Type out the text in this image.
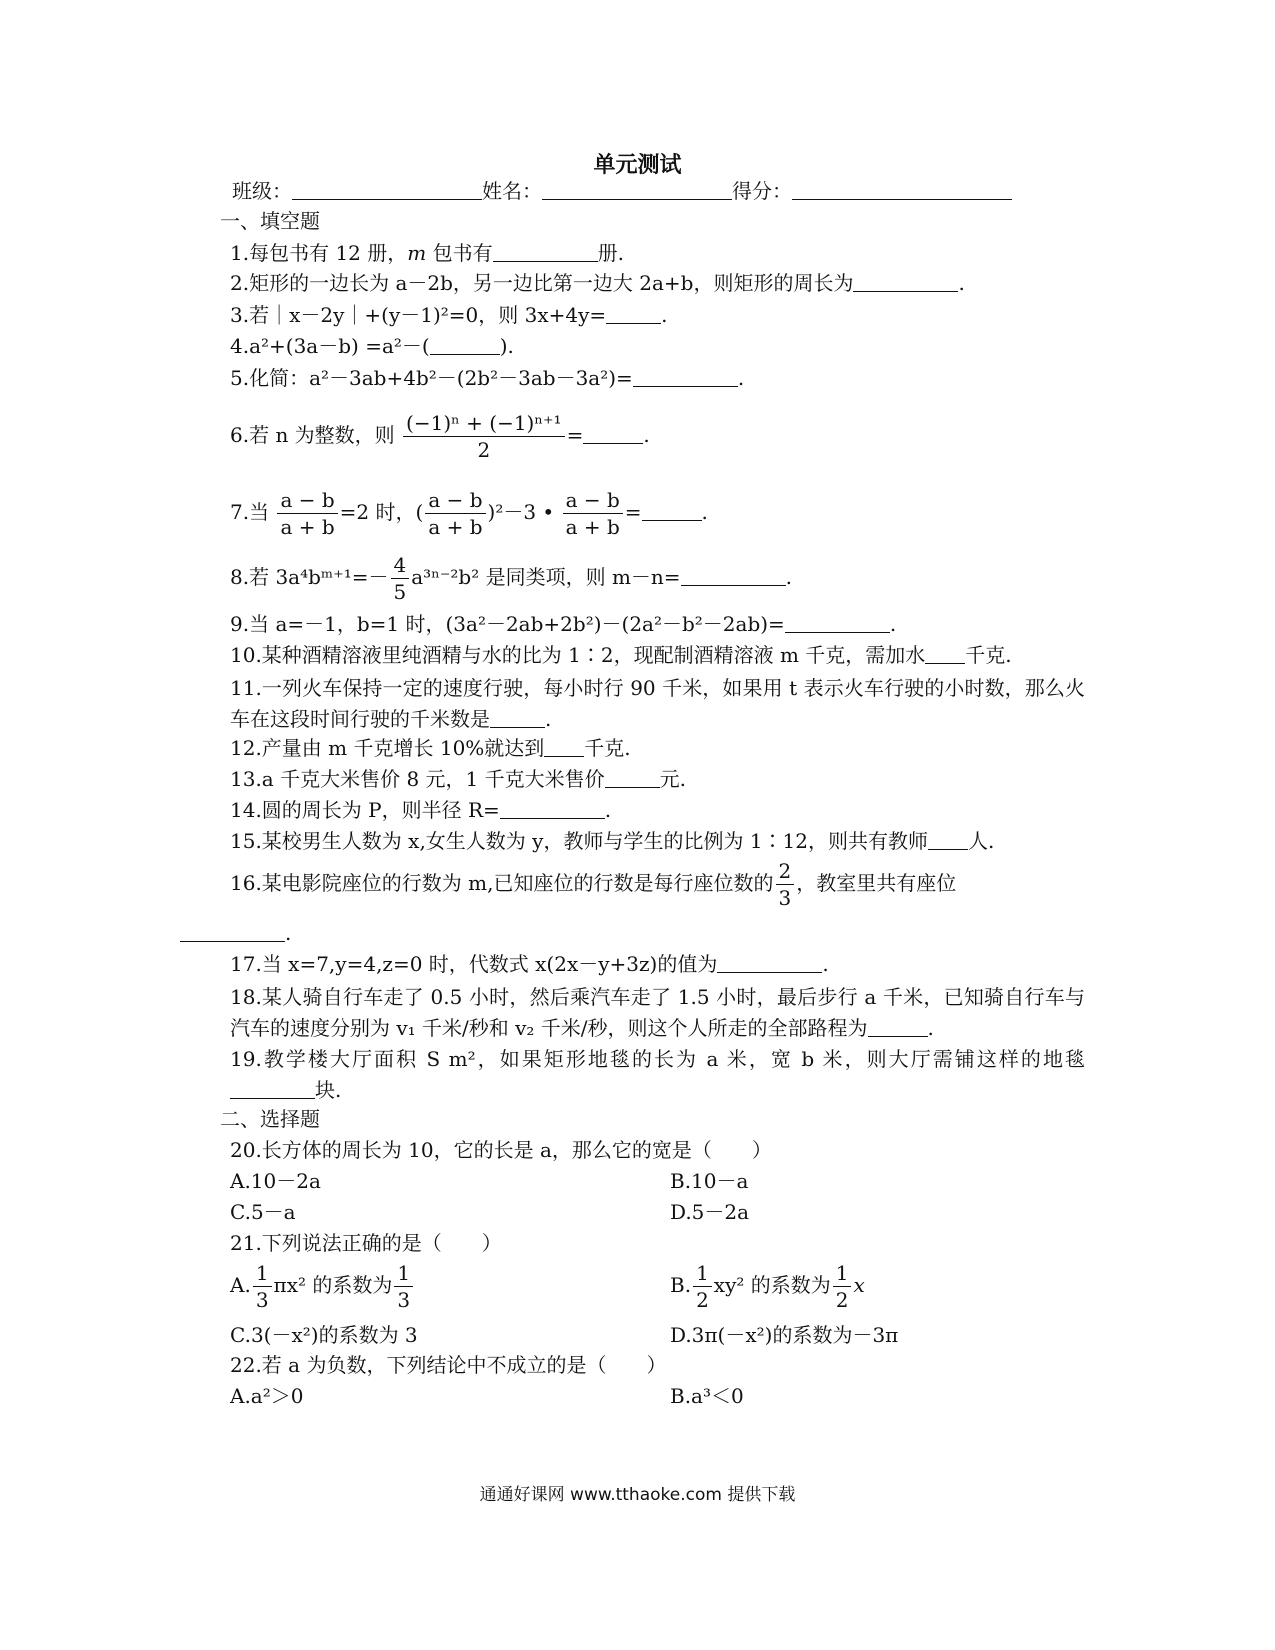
单元测试
班级：	姓名：	得分：
一、填空题
1.每包书有 12 册，m 包书有	册.
2.矩形的一边长为 a－2b，另一边比第一边大 2a+b，则矩形的周长为	.
3.若｜x－2y｜+(y－1)²=0，则 3x+4y=	.
4.a²+(3a－b) =a²－(	).
5.化简：a²－3ab+4b²－(2b²－3ab－3a²)=	.
6.若 n 为整数，则 $\frac{\text{(−1)ⁿ + (−1)ⁿ⁺¹}}{2}$ =	.
7.当 $\frac{a - b}{a + b} =2$ 时，( $\frac{a - b}{a + b} )^2-3$ • $\frac{a - b}{a + b}$ =	.
8.若 3a⁴bᵐ⁺¹=－ $\frac{4}{5} a^{3n-2}b^2$ 是同类项，则 m－n=	.
9.当 a=－1，b=1 时，(3a²－2ab+2b²)－(2a²－b²－2ab)=	.
10.某种酒精溶液里纯酒精与水的比为 1∶2，现配制酒精溶液 m 千克，需加水 千克.
11.一列火车保持一定的速度行驶，每小时行 90 千米，如果用 t 表示火车行驶的小时数，那么火车在这段时间行驶的千米数是	.
12.产量由 m 千克增长 10%就达到 千克.
13.a 千克大米售价 8 元，1 千克大米售价	元.
14.圆的周长为 P，则半径 R=	.
15.某校男生人数为 x,女生人数为 y，教师与学生的比例为 1∶12，则共有教师 人.
16.某电影院座位的行数为 m,已知座位的行数是每行座位数的 $\frac{2}{3}$ ，教室里共有座位
.
17.当 x=7,y=4,z=0 时，代数式 x(2x－y+3z)的值为	.
18.某人骑自行车走了 0.5 小时，然后乘汽车走了 1.5 小时，最后步行 a 千米，已知骑自行车与汽车的速度分别为 v₁ 千米/秒和 v₂ 千米/秒，则这个人所走的全部路程为	.
19.教学楼大厅面积 S m²，如果矩形地毯的长为 a 米，宽 b 米，则大厅需铺这样的地毯块.
二、选择题
20.长方体的周长为 10，它的长是 a，那么它的宽是（　　）
A.10－2a	B.10－a
C.5－a	D.5－2a
21.下列说法正确的是（　　）
A. $\frac{1}{3} \pi x^2$ 的系数为 $\frac{1}{3}$	B. $\frac{1}{2} xy^2$ 的系数为 $\frac{1}{2}$ x
C.3(－x²)的系数为 3	D.3π(－x²)的系数为－3π
22.若 a 为负数，下列结论中不成立的是（　　）
A.a²＞0	B.a³＜0
通通好课网 www.tthaoke.com 提供下载
